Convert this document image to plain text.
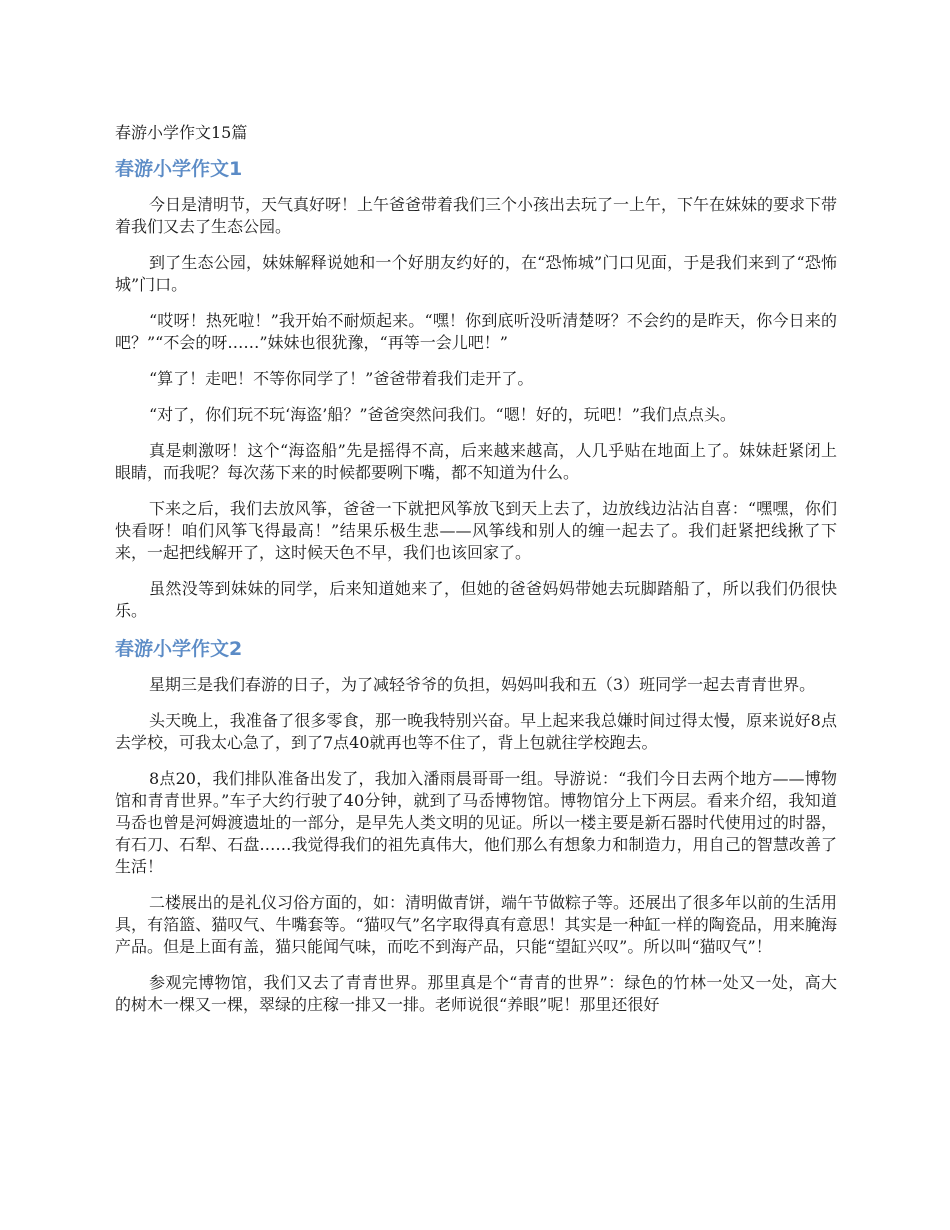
春游小学作文15篇
春游小学作文1

今日是清明节，天气真好呀！上午爸爸带着我们三个小孩出去玩了一上午，下午在妹妹的要求下带着我们又去了生态公园。

到了生态公园，妹妹解释说她和一个好朋友约好的，在“恐怖城”门口见面，于是我们来到了“恐怖城”门口。

“哎呀！热死啦！”我开始不耐烦起来。“嘿！你到底听没听清楚呀？不会约的是昨天，你今日来的吧？”“不会的呀……”妹妹也很犹豫，“再等一会儿吧！”

“算了！走吧！不等你同学了！”爸爸带着我们走开了。

“对了，你们玩不玩‘海盗’船？”爸爸突然问我们。“嗯！好的，玩吧！”我们点点头。

真是刺激呀！这个“海盗船”先是摇得不高，后来越来越高，人几乎贴在地面上了。妹妹赶紧闭上眼睛，而我呢？每次荡下来的时候都要咧下嘴，都不知道为什么。

下来之后，我们去放风筝，爸爸一下就把风筝放飞到天上去了，边放线边沾沾自喜：“嘿嘿，你们快看呀！咱们风筝飞得最高！”结果乐极生悲——风筝线和别人的缠一起去了。我们赶紧把线揪了下来，一起把线解开了，这时候天色不早，我们也该回家了。

虽然没等到妹妹的同学，后来知道她来了，但她的爸爸妈妈带她去玩脚踏船了，所以我们仍很快乐。

春游小学作文2

星期三是我们春游的日子，为了减轻爷爷的负担，妈妈叫我和五（3）班同学一起去青青世界。

头天晚上，我准备了很多零食，那一晚我特别兴奋。早上起来我总嫌时间过得太慢，原来说好8点去学校，可我太心急了，到了7点40就再也等不住了，背上包就往学校跑去。

8点20，我们排队准备出发了，我加入潘雨晨哥哥一组。导游说：“我们今日去两个地方——博物馆和青青世界。”车子大约行驶了40分钟，就到了马岙博物馆。博物馆分上下两层。看来介绍，我知道马岙也曾是河姆渡遗址的一部分，是早先人类文明的见证。所以一楼主要是新石器时代使用过的时器，有石刀、石犁、石盘……我觉得我们的祖先真伟大，他们那么有想象力和制造力，用自己的智慧改善了生活！

二楼展出的是礼仪习俗方面的，如：清明做青饼，端午节做粽子等。还展出了很多年以前的生活用具，有箔篮、猫叹气、牛嘴套等。“猫叹气”名字取得真有意思！其实是一种缸一样的陶瓷品，用来腌海产品。但是上面有盖，猫只能闻气味，而吃不到海产品，只能“望缸兴叹”。所以叫“猫叹气”！

参观完博物馆，我们又去了青青世界。那里真是个“青青的世界”：绿色的竹林一处又一处，高大的树木一棵又一棵，翠绿的庄稼一排又一排。老师说很“养眼”呢！那里还很好
